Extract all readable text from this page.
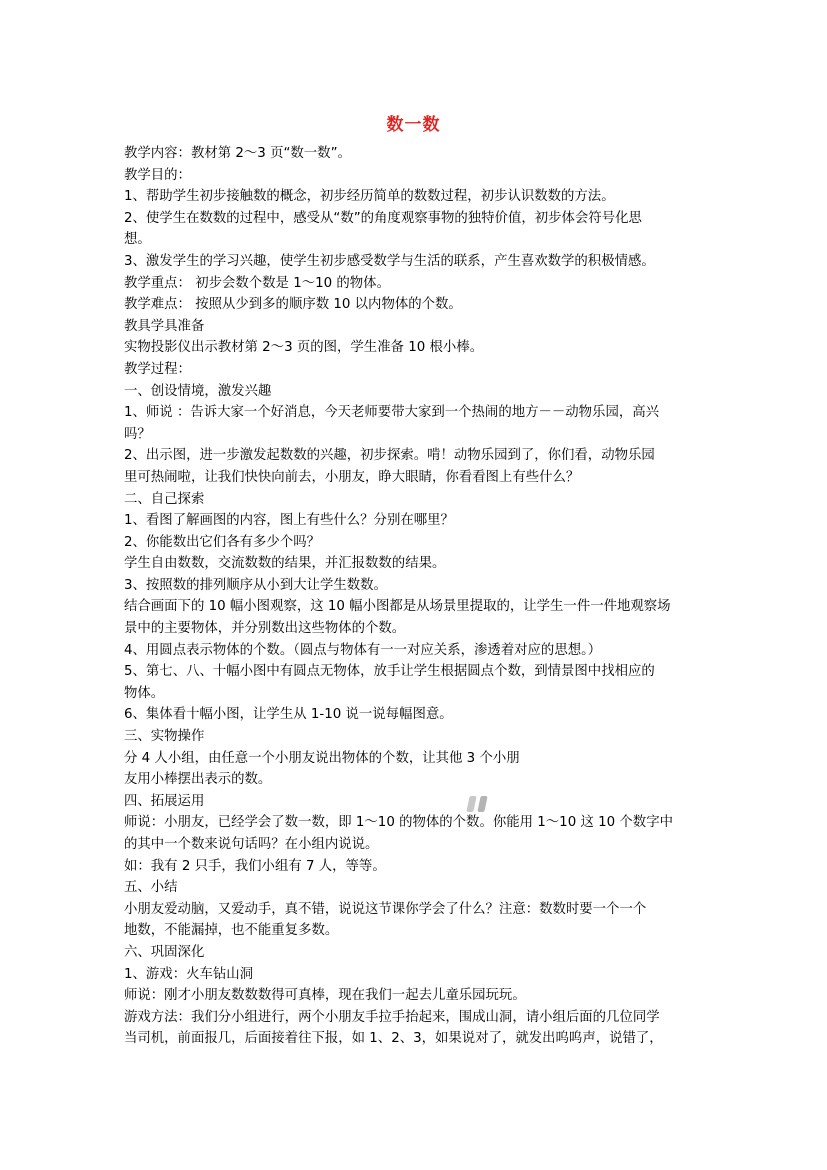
数一数
教学内容：教材第 2～3 页“数一数”。
教学目的：
1、帮助学生初步接触数的概念，初步经历简单的数数过程，初步认识数数的方法。
2、使学生在数数的过程中，感受从“数”的角度观察事物的独特价值，初步体会符号化思
想。
3、激发学生的学习兴趣，使学生初步感受数学与生活的联系，产生喜欢数学的积极情感。
教学重点： 初步会数个数是 1～10 的物体。
教学难点： 按照从少到多的顺序数 10 以内物体的个数。
教具学具准备
实物投影仪出示教材第 2～3 页的图，学生准备 10 根小棒。
教学过程：
一、创设情境，激发兴趣
1、师说 ：告诉大家一个好消息，今天老师要带大家到一个热闹的地方－－动物乐园，高兴
吗？
2、出示图，进一步激发起数数的兴趣，初步探索。啃！动物乐园到了，你们看，动物乐园
里可热闹啦，让我们快快向前去，小朋友，睁大眼睛，你看看图上有些什么？
二、自己探索
1、看图了解画图的内容，图上有些什么？分别在哪里？
2、你能数出它们各有多少个吗？
学生自由数数，交流数数的结果，并汇报数数的结果。
3、按照数的排列顺序从小到大让学生数数。
结合画面下的 10 幅小图观察，这 10 幅小图都是从场景里提取的，让学生一件一件地观察场
景中的主要物体，并分别数出这些物体的个数。
4、用圆点表示物体的个数。（圆点与物体有一一对应关系，渗透着对应的思想。）
5、第七、八、十幅小图中有圆点无物体，放手让学生根据圆点个数，到情景图中找相应的
物体。
6、集体看十幅小图，让学生从 1-10 说一说每幅图意。
三、实物操作
分 4 人小组，由任意一个小朋友说出物体的个数，让其他 3 个小朋
友用小棒摆出表示的数。
四、拓展运用
师说：小朋友，已经学会了数一数，即 1～10 的物体的个数。你能用 1～10 这 10 个数字中
的其中一个数来说句话吗？在小组内说说。
如：我有 2 只手，我们小组有 7 人，等等。
五、小结
小朋友爱动脑，又爱动手，真不错，说说这节课你学会了什么？注意：数数时要一个一个
地数，不能漏掉，也不能重复多数。
六、巩固深化
1、游戏：火车钻山洞
师说：刚才小朋友数数数得可真棒，现在我们一起去儿童乐园玩玩。
游戏方法：我们分小组进行，两个小朋友手拉手抬起来，围成山洞，请小组后面的几位同学
当司机，前面报几，后面接着往下报，如 1、2、3，如果说对了，就发出呜呜声，说错了，
